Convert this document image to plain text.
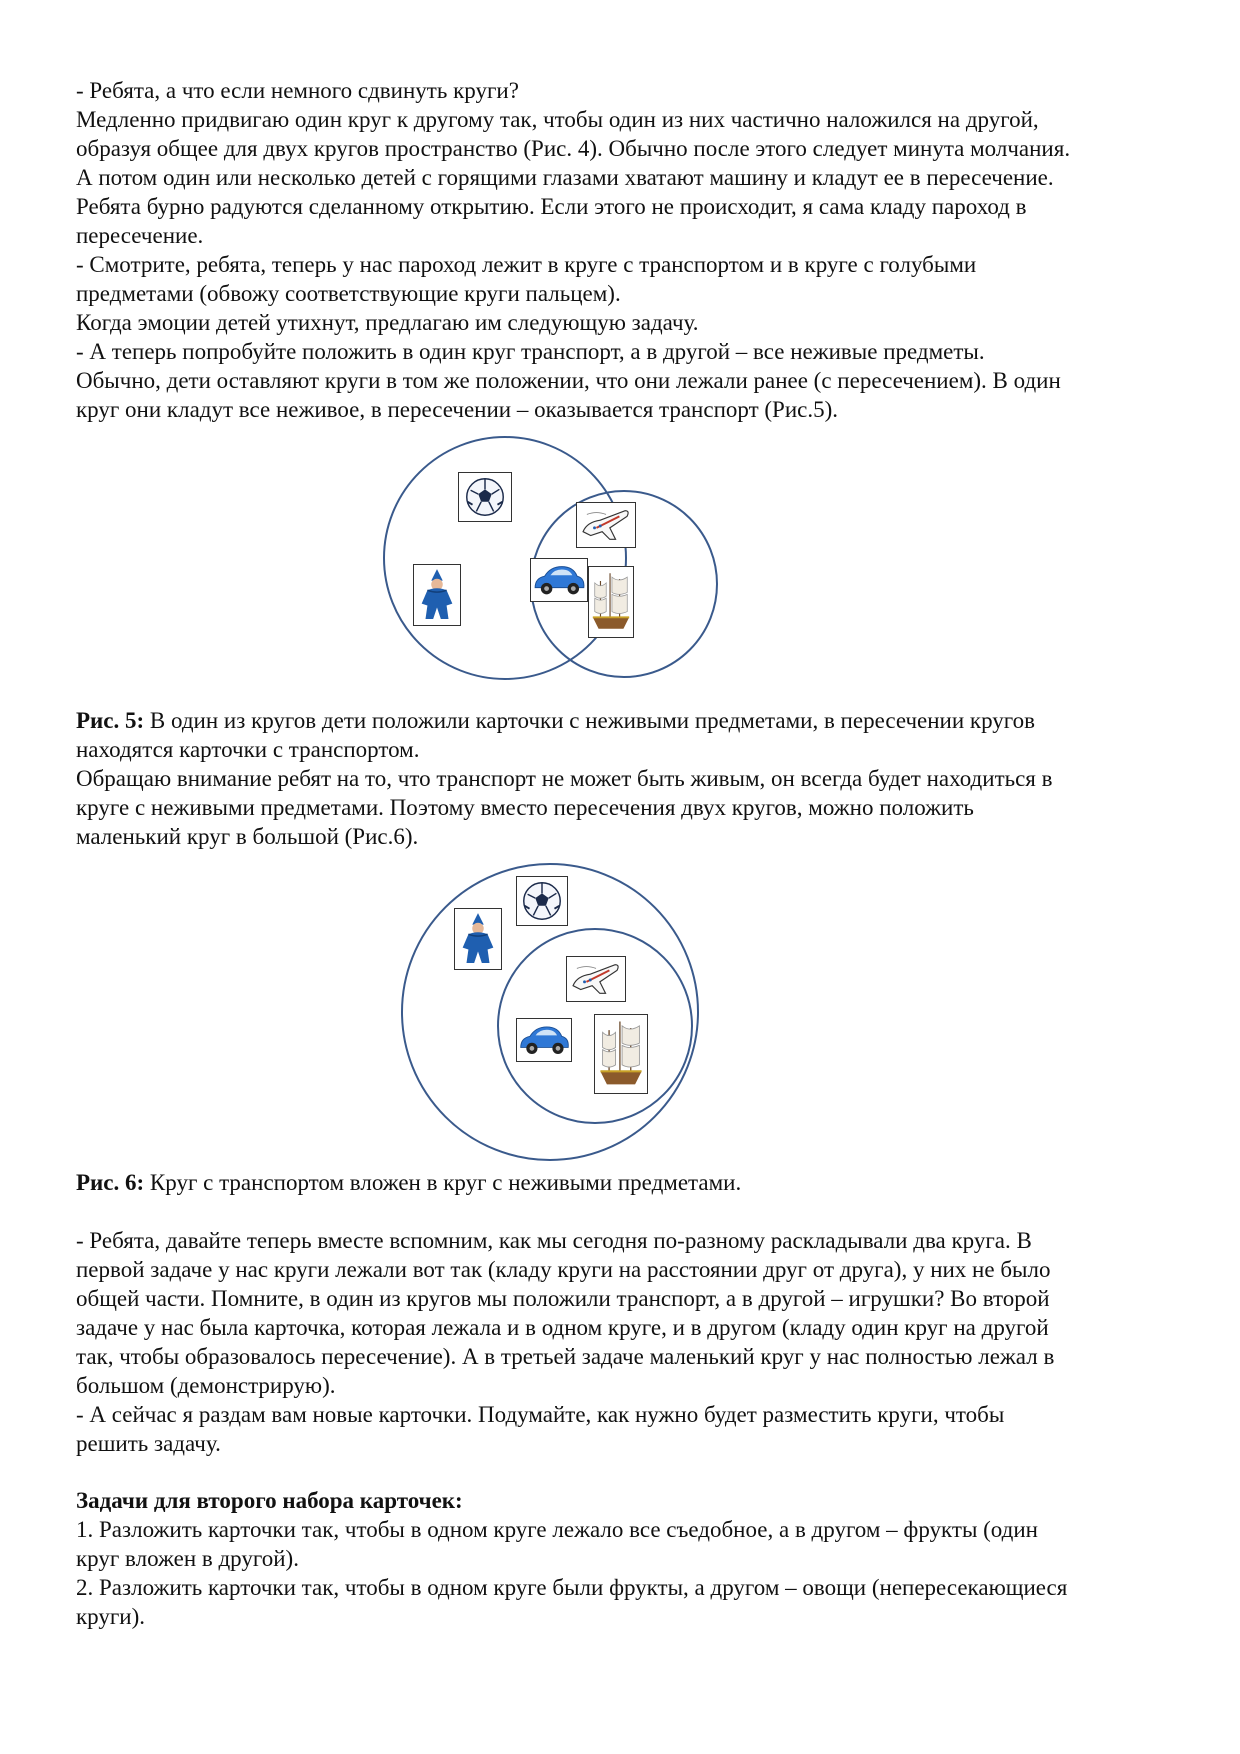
- Ребята, а что если немного сдвинуть круги?

Медленно придвигаю один круг к другому так, чтобы один из них частично наложился на другой,

образуя общее для двух кругов пространство (Рис. 4). Обычно после этого следует минута молчания.

А потом один или несколько детей с горящими глазами хватают машину и кладут ее в пересечение.

Ребята бурно радуются сделанному открытию. Если этого не происходит, я сама кладу пароход в

пересечение.

- Смотрите, ребята, теперь у нас пароход лежит в круге с транспортом и в круге с голубыми

предметами (обвожу соответствующие круги пальцем).

Когда эмоции детей утихнут, предлагаю им следующую задачу.

- А теперь попробуйте положить в один круг транспорт, а в другой – все неживые предметы.

Обычно, дети оставляют круги в том же положении, что они лежали ранее (с пересечением). В один

круг они кладут все неживое, в пересечении – оказывается транспорт (Рис.5).

Рис. 5: В один из кругов дети положили карточки с неживыми предметами, в пересечении кругов

находятся карточки с транспортом.

Обращаю внимание ребят на то, что транспорт не может быть живым, он всегда будет находиться в

круге с неживыми предметами. Поэтому вместо пересечения двух кругов, можно положить

маленький круг в большой (Рис.6).

Рис. 6: Круг с транспортом вложен в круг с неживыми предметами.

- Ребята, давайте теперь вместе вспомним, как мы сегодня по-разному раскладывали два круга. В

первой задаче у нас круги лежали вот так (кладу круги на расстоянии друг от друга), у них не было

общей части. Помните, в один из кругов мы положили транспорт, а в другой – игрушки? Во второй

задаче у нас была карточка, которая лежала и в одном круге, и в другом (кладу один круг на другой

так, чтобы образовалось пересечение). А в третьей задаче маленький круг у нас полностью лежал в

большом (демонстрирую).

- А сейчас я раздам вам новые карточки. Подумайте, как нужно будет разместить круги, чтобы

решить задачу.

Задачи для второго набора карточек:

1. Разложить карточки так, чтобы в одном круге лежало все съедобное, а в другом – фрукты (один

круг вложен в другой).

2. Разложить карточки так, чтобы в одном круге были фрукты, а другом – овощи (непересекающиеся

круги).
